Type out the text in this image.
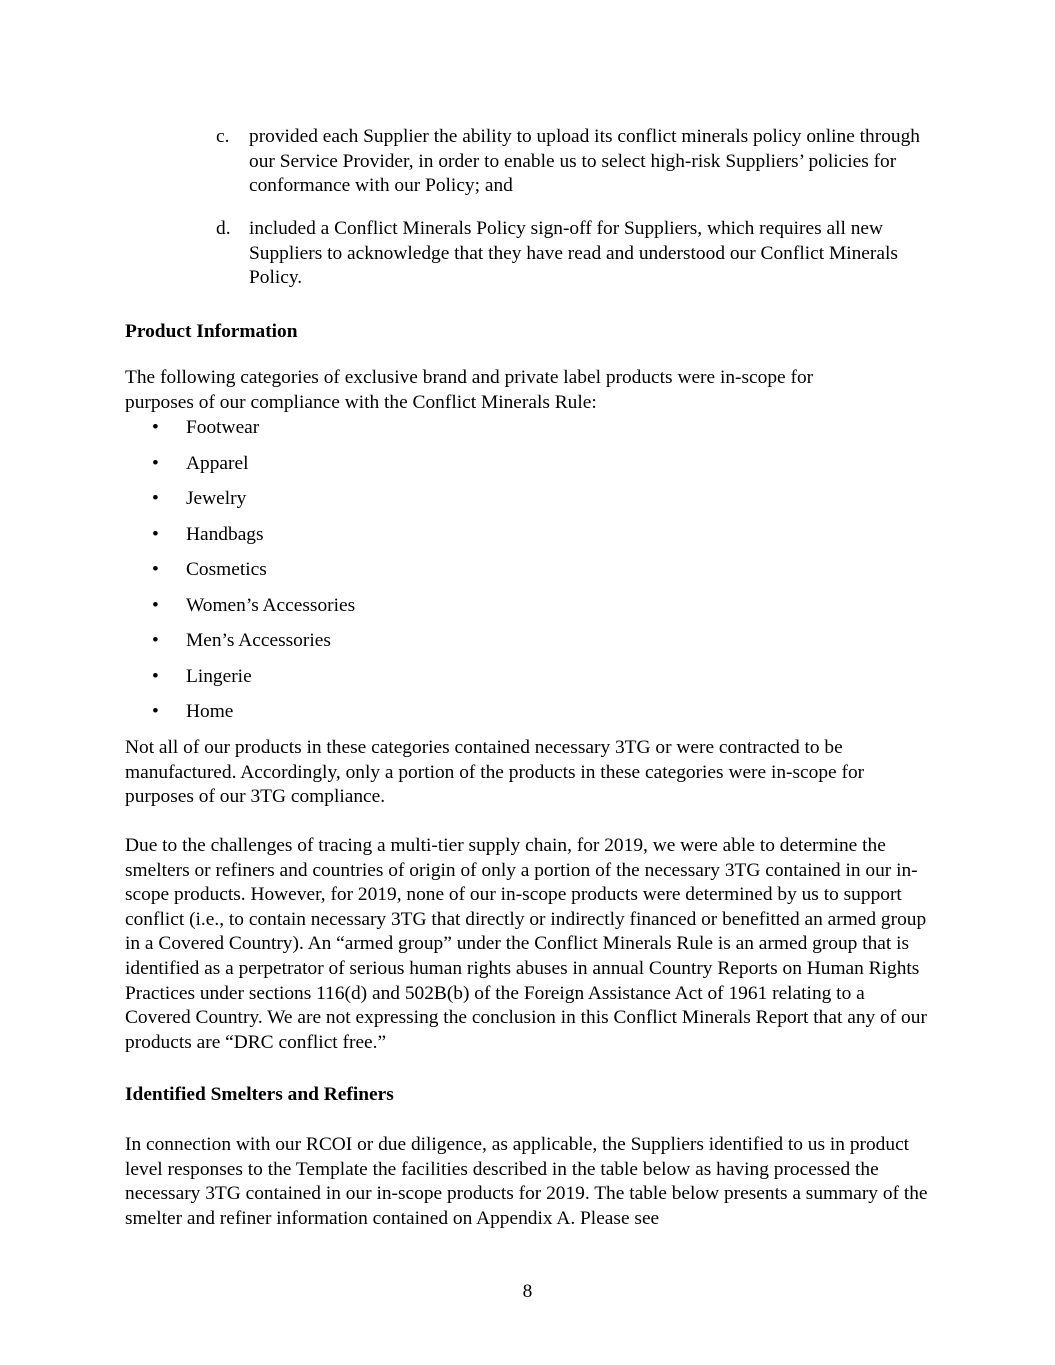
c.	provided each Supplier the ability to upload its conflict minerals policy online through our Service Provider, in order to enable us to select high-risk Suppliers’ policies for conformance with our Policy; and
d. included a Conflict Minerals Policy sign-off for Suppliers, which requires all new Suppliers to acknowledge that they have read and understood our Conflict Minerals Policy.
Product Information
The following categories of exclusive brand and private label products were in-scope for purposes of our compliance with the Conflict Minerals Rule:
•	Footwear
•	Apparel
•	Jewelry
•	Handbags
•	Cosmetics
•	Women’s Accessories
•	Men’s Accessories
•	Lingerie
•	Home
Not all of our products in these categories contained necessary 3TG or were contracted to be manufactured. Accordingly, only a portion of the products in these categories were in-scope for purposes of our 3TG compliance.
Due to the challenges of tracing a multi-tier supply chain, for 2019, we were able to determine the smelters or refiners and countries of origin of only a portion of the necessary 3TG contained in our in-scope products. However, for 2019, none of our in-scope products were determined by us to support conflict (i.e., to contain necessary 3TG that directly or indirectly financed or benefitted an armed group in a Covered Country). An “armed group” under the Conflict Minerals Rule is an armed group that is identified as a perpetrator of serious human rights abuses in annual Country Reports on Human Rights Practices under sections 116(d) and 502B(b) of the Foreign Assistance Act of 1961 relating to a Covered Country. We are not expressing the conclusion in this Conflict Minerals Report that any of our products are “DRC conflict free.”
Identified Smelters and Refiners
In connection with our RCOI or due diligence, as applicable, the Suppliers identified to us in product level responses to the Template the facilities described in the table below as having processed the necessary 3TG contained in our in-scope products for 2019. The table below presents a summary of the smelter and refiner information contained on Appendix A. Please see
8
